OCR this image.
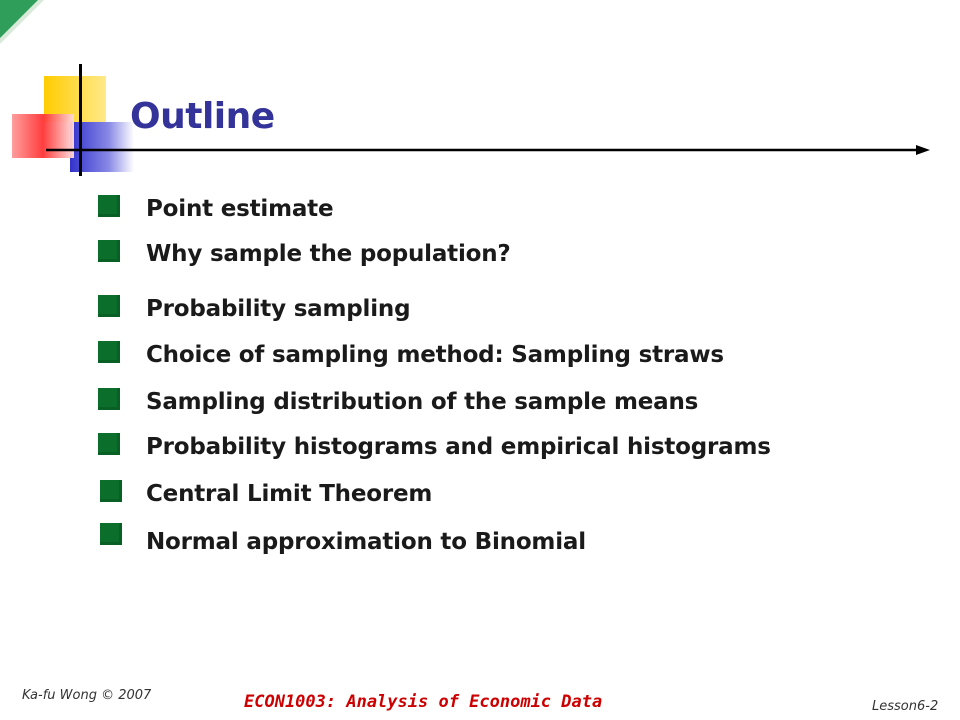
Outline
Point estimate
Why sample the population?
Probability sampling
Choice of sampling method: Sampling straws
Sampling distribution of the sample means
Probability histograms and empirical histograms
Central Limit Theorem
Normal approximation to Binomial
Ka-fu Wong © 2007	ECON1003: Analysis of Economic Data	Lesson6-2
